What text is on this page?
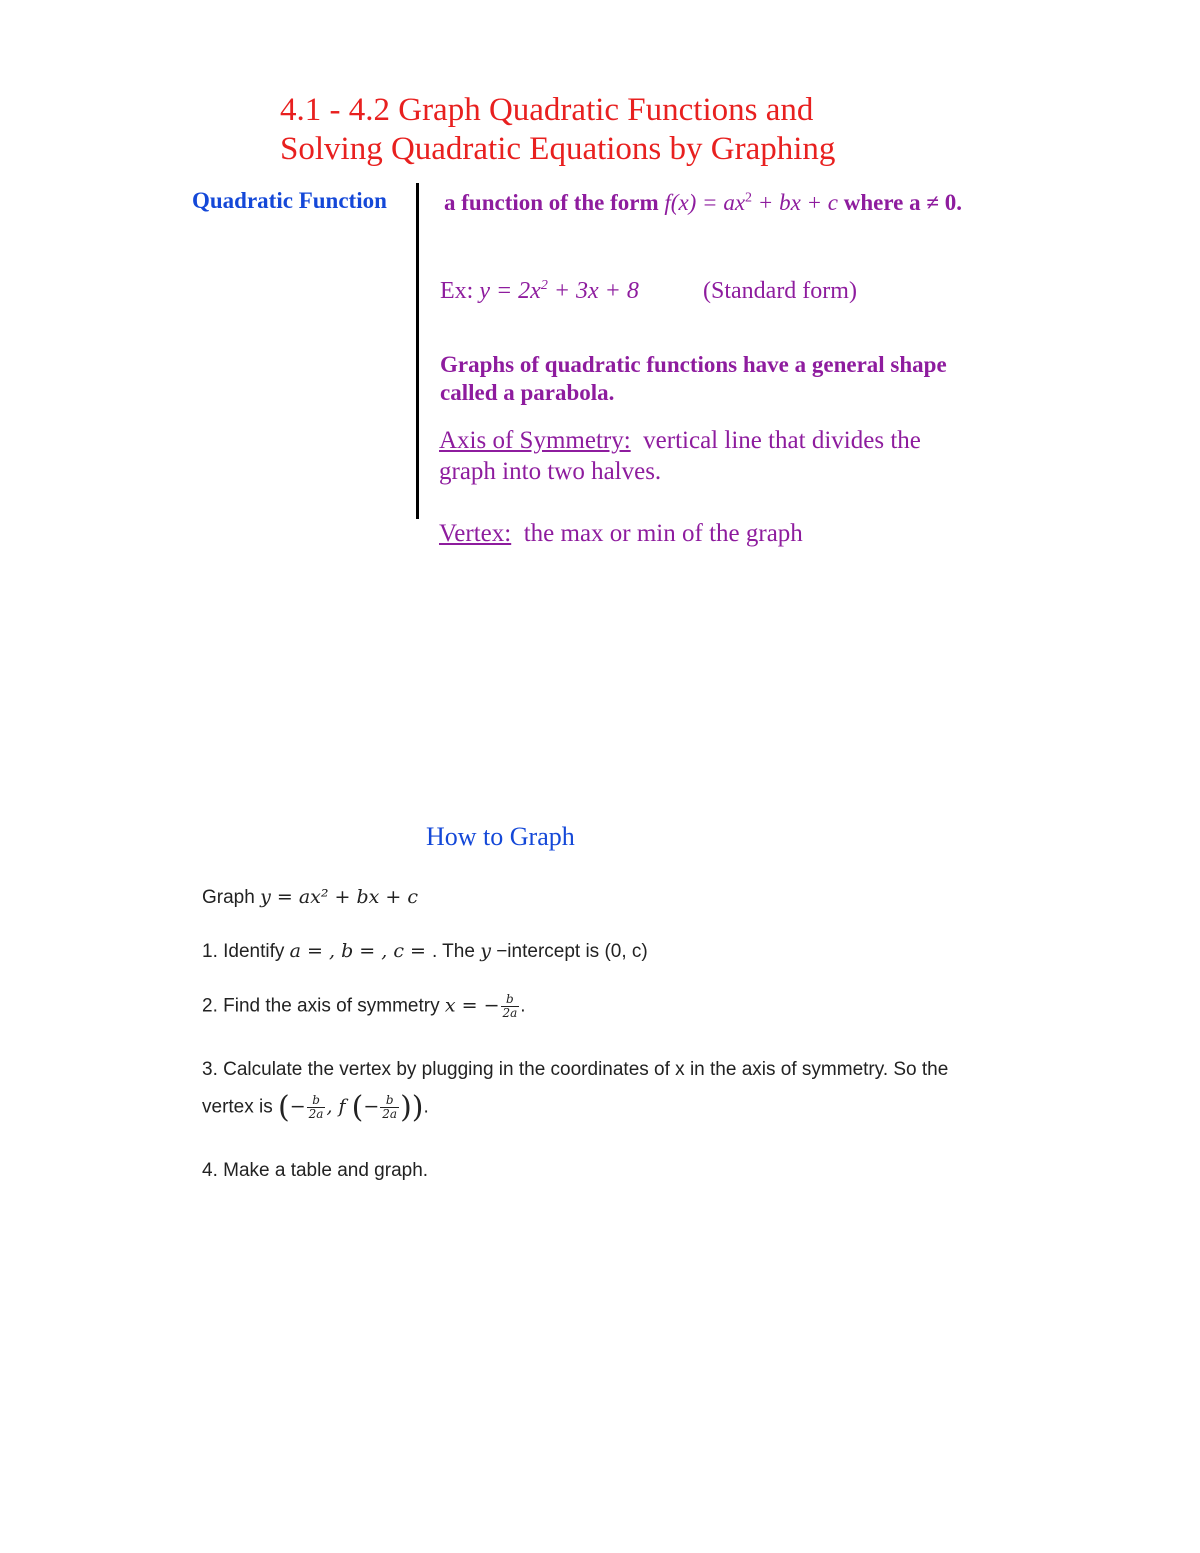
4.1 - 4.2 Graph Quadratic Functions and
Solving Quadratic Equations by Graphing
Quadratic Function a function of the form $f(x) = ax^2$ + bx + c where a ≠ 0.
Ex: $y = 2x^2 + 3x + 8$	(Standard form)
Graphs of quadratic functions have a general shape
called a parabola.
Axis of Symmetry: vertical line that divides the
graph into two halves.
Vertex: the max or min of the graph
How to Graph
Graph y = ax² + bx + c
1. Identify a = , b = , c = . The y −intercept is (0, c)
2. Find the axis of symmetry x = − $\frac{b}{2a}$ .
3. Calculate the vertex by plugging in the coordinates of x in the axis of symmetry. So the
vertex is (− $\frac{b}{2a}$ , f (− $\frac{b}{2a}$ )).
4. Make a table and graph.
